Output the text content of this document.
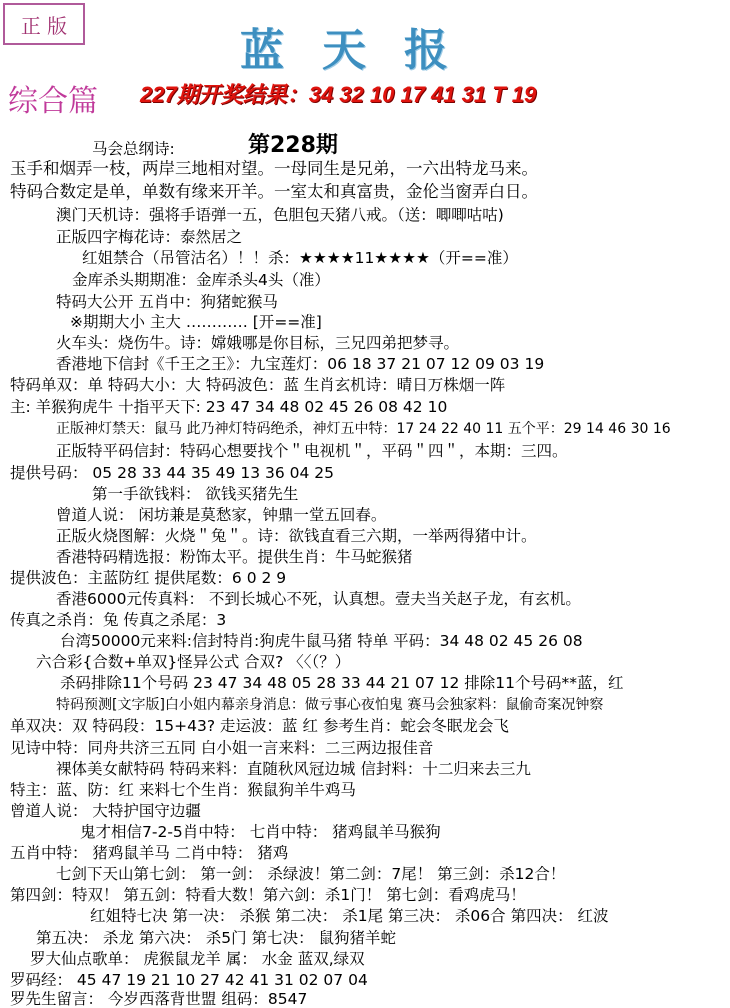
正 版	蓝天报
综合篇 227期开奖结果：34 32 10 17 41 31 T 19
第228期
马会总纲诗:
玉手和烟弄一枝，两岸三地相对望。一母同生是兄弟，一六出特龙马来。
特码合数定是单，单数有缘来开羊。一室太和真富贵，金伦当窗弄白日。
澳门天机诗：强将手语弹一五，色胆包天猪八戒。（送：唧唧咕咕)
正版四字梅花诗：泰然居之
红姐禁合（吊管沽名）！！杀：★★★★11★★★★（开==准）
金库杀头期期准：金库杀头4头（准）
特码大公开 五肖中：狗猪蛇猴马
※期期大小 主大 ………… [开==准]
火车头：烧伤牛。诗：嫦娥哪是你目标，三兄四弟把梦寻。
香港地下信封《千王之王》：九宝莲灯：06 18 37 21 07 12 09 03 19
特码单双：单 特码大小：大 特码波色：蓝 生肖玄机诗：晴日万株烟一阵
主: 羊猴狗虎牛 十指平天下: 23 47 34 48 02 45 26 08 42 10
正版神灯禁天：鼠马 此乃神灯特码绝杀，神灯五中特：17 24 22 40 11 五个平：29 14 46 30 16
正版特平码信封：特码心想要找个＂电视机＂，平码＂四＂，本期：三四。
提供号码： 05 28 33 44 35 49 13 36 04 25
第一手欲钱料： 欲钱买猪先生
曾道人说： 闲坊兼是莫愁家，钟鼎一堂五回春。
正版火烧图解：火烧＂兔＂。诗：欲钱直看三六期，一举两得猪中计。
香港特码精选报：粉饰太平。提供生肖：牛马蛇猴猪
提供波色：主蓝防红 提供尾数：6 0 2 9
香港6000元传真料： 不到长城心不死，认真想。壹夫当关赵子龙，有玄机。
传真之杀肖：兔 传真之杀尾：3
台湾50000元来料:信封特肖:狗虎牛鼠马猪 特单 平码：34 48 02 45 26 08
六合彩{合数+单双}怪异公式 合双? 〈〈（？）
杀码排除11个号码 23 47 34 48 05 28 33 44 21 07 12 排除11个号码**蓝，红
特码预测[文字版]白小姐内幕亲身消息：做亏事心夜怕鬼 赛马会独家料：鼠偷奇案况钟察
单双决：双 特码段：15+43? 走运波：蓝 红 参考生肖：蛇会冬眠龙会飞
见诗中特：同舟共济三五同 白小姐一言来料：二三两边报佳音
裸体美女献特码 特码来料：直随秋风冠边城 信封料：十二归来去三九
特主：蓝、防：红 来料七个生肖：猴鼠狗羊牛鸡马
曾道人说： 大特护国守边疆
鬼才相信7-2-5肖中特： 七肖中特： 猪鸡鼠羊马猴狗
五肖中特： 猪鸡鼠羊马 二肖中特： 猪鸡
七剑下天山第七剑： 第一剑： 杀绿波！第二剑：7尾！ 第三剑：杀12合！
第四剑：特双！ 第五剑：特看大数！第六剑：杀1门！ 第七剑：看鸡虎马！
红姐特七决 第一决： 杀猴 第二决： 杀1尾 第三决： 杀06合 第四决： 红波
第五决： 杀龙 第六决： 杀5门 第七决： 鼠狗猪羊蛇
罗大仙点歌单： 虎猴鼠龙羊 属： 水金 蓝双,绿双
罗码经： 45 47 19 21 10 27 42 41 31 02 07 04
罗先生留言： 今岁西落背世盟 组码：8547
